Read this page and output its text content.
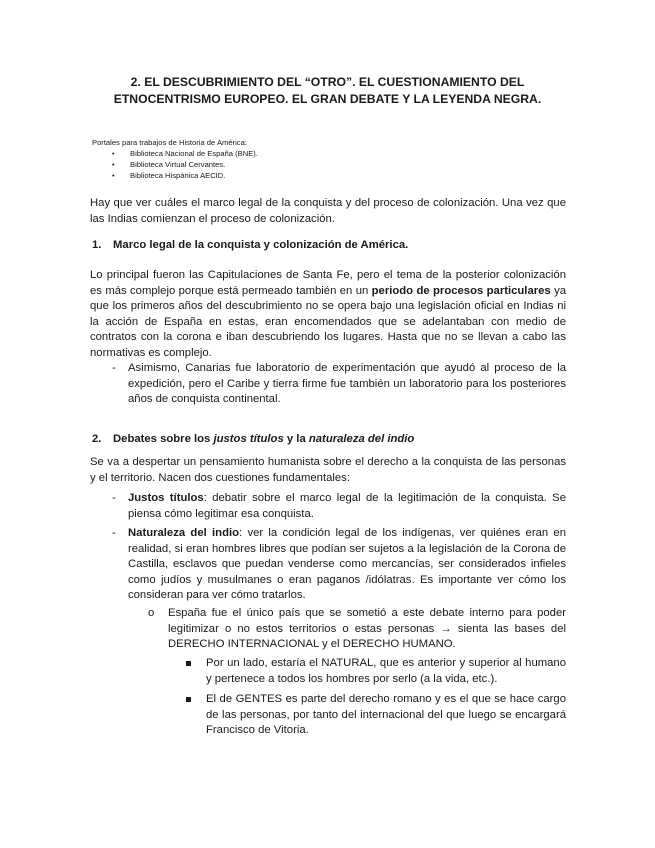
2. EL DESCUBRIMIENTO DEL “OTRO”. EL CUESTIONAMIENTO DEL
ETNOCENTRISMO EUROPEO. EL GRAN DEBATE Y LA LEYENDA NEGRA.
Portales para trabajos de Historia de América:
• Biblioteca Nacional de España (BNE).
• Biblioteca Virtual Cervantes.
• Biblioteca Hispánica AECID.

Hay que ver cuáles el marco legal de la conquista y del proceso de colonización. Una vez que las Indias comienzan el proceso de colonización.

1. Marco legal de la conquista y colonización de América.

Lo principal fueron las Capitulaciones de Santa Fe, pero el tema de la posterior colonización es más complejo porque está permeado también en un periodo de procesos particulares ya que los primeros años del descubrimiento no se opera bajo una legislación oficial en Indias ni la acción de España en estas, eran encomendados que se adelantaban con medio de contratos con la corona e iban descubriendo los lugares. Hasta que no se llevan a cabo las normativas es complejo.

- Asimismo, Canarias fue laboratorio de experimentación que ayudó al proceso de la expedición, pero el Caribe y tierra firme fue también un laboratorio para los posteriores años de conquista continental.

2. Debates sobre los justos títulos y la naturaleza del indio

Se va a despertar un pensamiento humanista sobre el derecho a la conquista de las personas y el territorio. Nacen dos cuestiones fundamentales:

- Justos títulos: debatir sobre el marco legal de la legitimación de la conquista. Se piensa cómo legitimar esa conquista.

- Naturaleza del indio: ver la condición legal de los indígenas, ver quiénes eran en realidad, si eran hombres libres que podían ser sujetos a la legislación de la Corona de Castilla, esclavos que puedan venderse como mercancías, ser considerados infieles como judíos y musulmanes o eran paganos /idólatras. Es importante ver cómo los consideran para ver cómo tratarlos.

o España fue el único país que se sometió a este debate interno para poder legitimizar o no estos territorios o estas personas → sienta las bases del DERECHO INTERNACIONAL y el DERECHO HUMANO.

Por un lado, estaría el NATURAL, que es anterior y superior al humano y pertenece a todos los hombres por serlo (a la vida, etc.).

El de GENTES es parte del derecho romano y es el que se hace cargo de las personas, por tanto del internacional del que luego se encargará Francisco de Vitoria.
